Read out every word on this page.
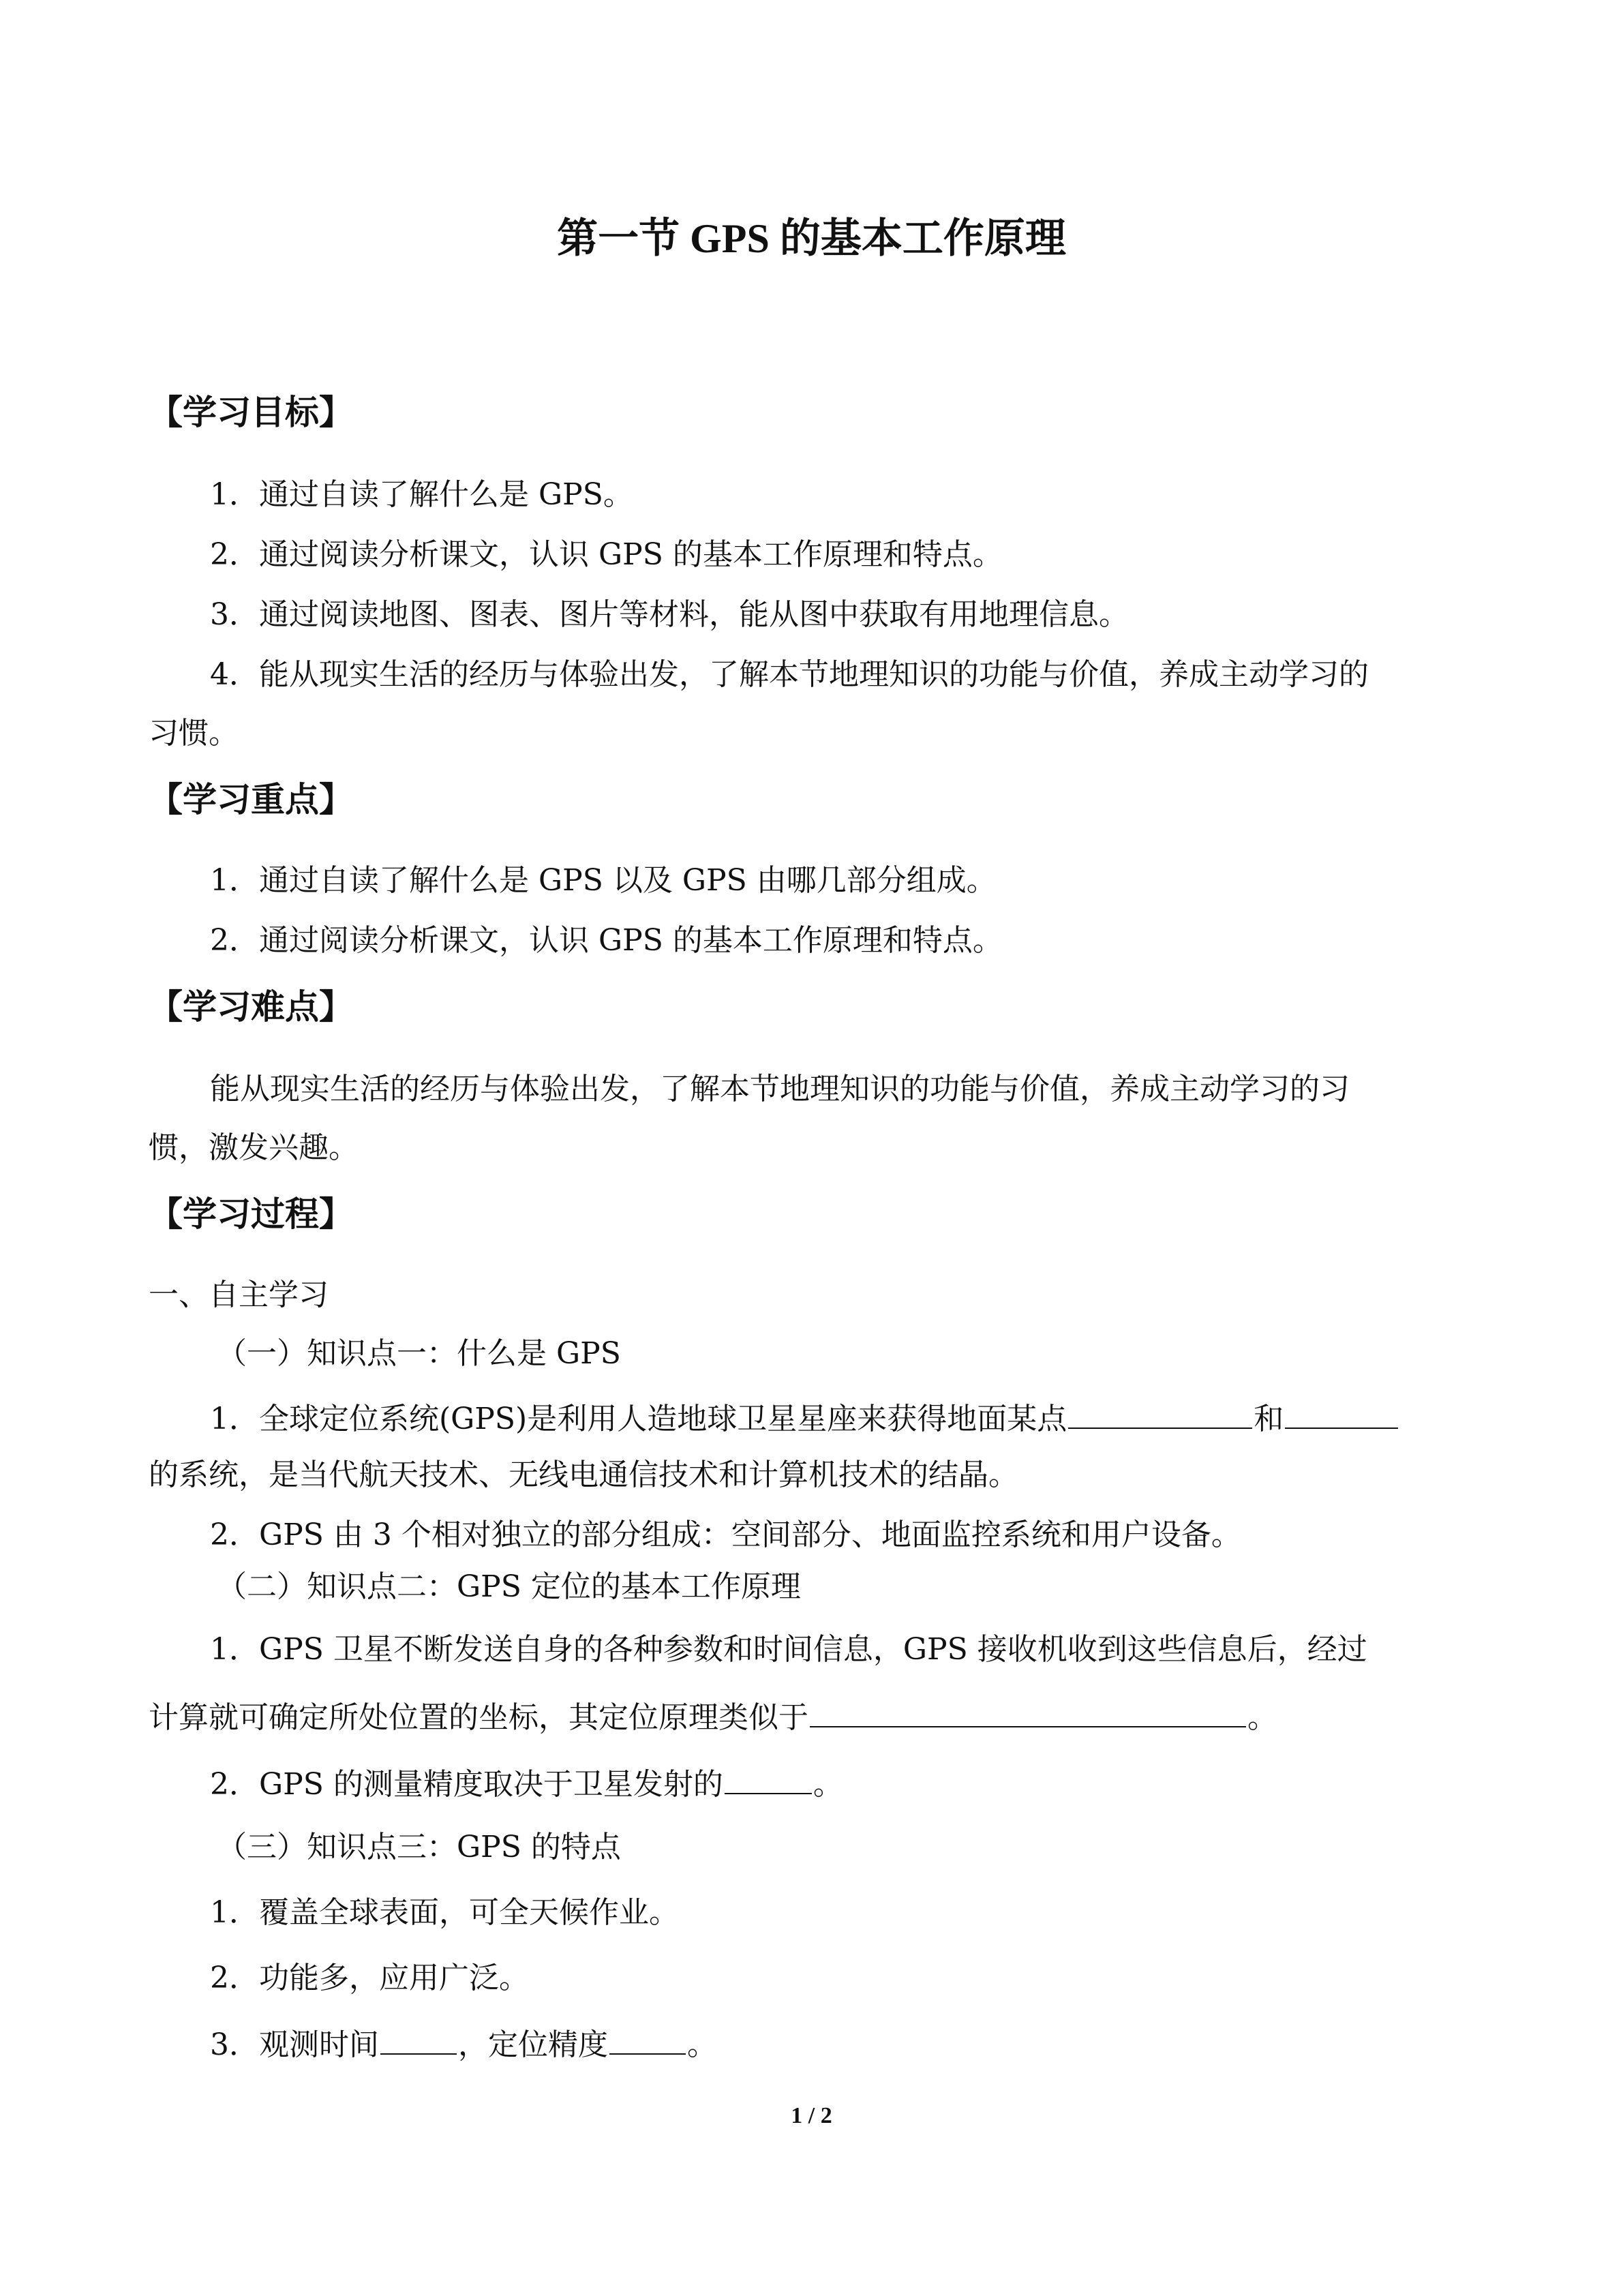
第一节 GPS 的基本工作原理
【学习目标】
1．通过自读了解什么是 GPS。
2．通过阅读分析课文，认识 GPS 的基本工作原理和特点。
3．通过阅读地图、图表、图片等材料，能从图中获取有用地理信息。
4．能从现实生活的经历与体验出发，了解本节地理知识的功能与价值，养成主动学习的
习惯。
【学习重点】
1．通过自读了解什么是 GPS 以及 GPS 由哪几部分组成。
2．通过阅读分析课文，认识 GPS 的基本工作原理和特点。
【学习难点】
能从现实生活的经历与体验出发，了解本节地理知识的功能与价值，养成主动学习的习
惯，激发兴趣。
【学习过程】
一、自主学习
（一）知识点一：什么是 GPS
1．全球定位系统(GPS)是利用人造地球卫星星座来获得地面某点	和
的系统，是当代航天技术、无线电通信技术和计算机技术的结晶。
2．GPS 由 3 个相对独立的部分组成：空间部分、地面监控系统和用户设备。
（二）知识点二：GPS 定位的基本工作原理
1．GPS 卫星不断发送自身的各种参数和时间信息，GPS 接收机收到这些信息后，经过
计算就可确定所处位置的坐标，其定位原理类似于	。
2．GPS 的测量精度取决于卫星发射的	。
（三）知识点三：GPS 的特点
1．覆盖全球表面，可全天候作业。
2．功能多，应用广泛。
3．观测时间	，定位精度	。
1 / 2
